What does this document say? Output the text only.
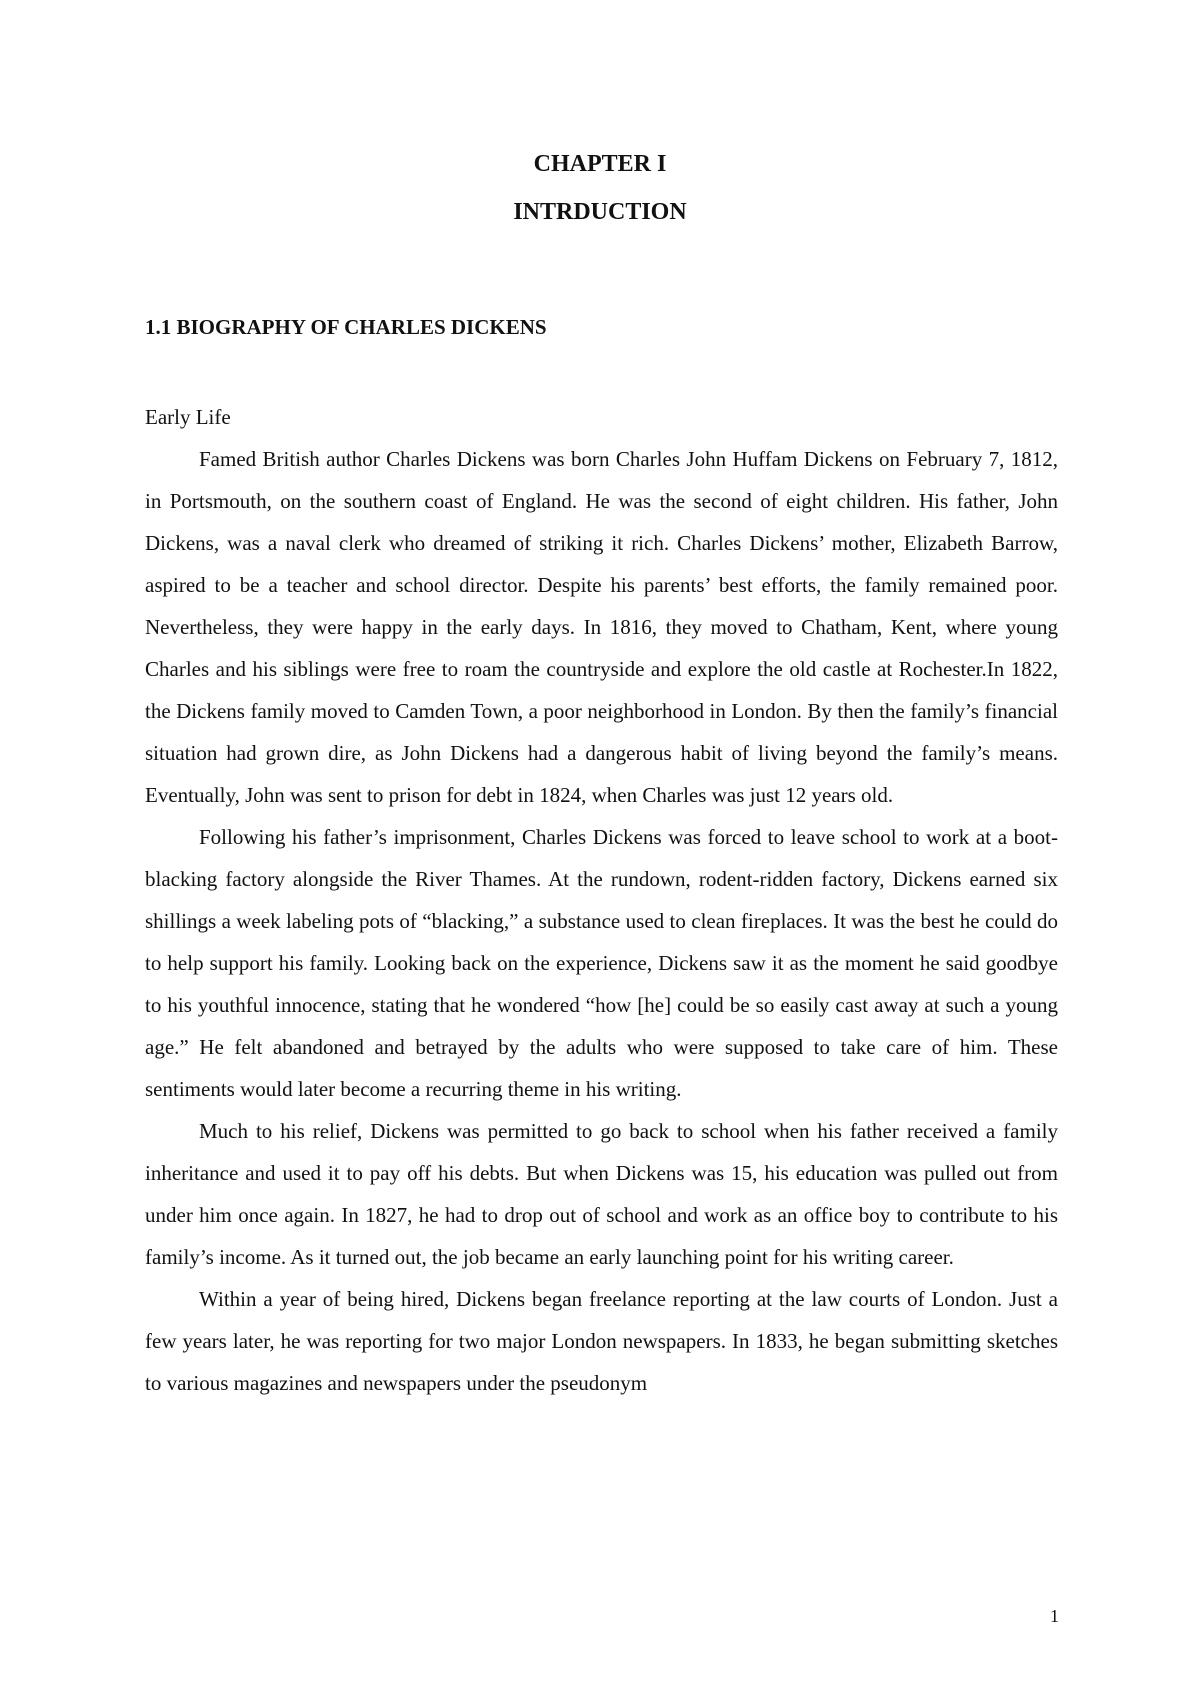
CHAPTER I
INTRDUCTION
1.1 BIOGRAPHY OF CHARLES DICKENS

Early Life

Famed British author Charles Dickens was born Charles John Huffam Dickens on February 7, 1812, in Portsmouth, on the southern coast of England. He was the second of eight children. His father, John Dickens, was a naval clerk who dreamed of striking it rich. Charles Dickens’ mother, Elizabeth Barrow, aspired to be a teacher and school director. Despite his parents’ best efforts, the family remained poor. Nevertheless, they were happy in the early days. In 1816, they moved to Chatham, Kent, where young Charles and his siblings were free to roam the countryside and explore the old castle at Rochester.In 1822, the Dickens family moved to Camden Town, a poor neighborhood in London. By then the family’s financial situation had grown dire, as John Dickens had a dangerous habit of living beyond the family’s means. Eventually, John was sent to prison for debt in 1824, when Charles was just 12 years old.

Following his father’s imprisonment, Charles Dickens was forced to leave school to work at a boot-blacking factory alongside the River Thames. At the rundown, rodent-ridden factory, Dickens earned six shillings a week labeling pots of “blacking,” a substance used to clean fireplaces. It was the best he could do to help support his family. Looking back on the experience, Dickens saw it as the moment he said goodbye to his youthful innocence, stating that he wondered “how [he] could be so easily cast away at such a young age.” He felt abandoned and betrayed by the adults who were supposed to take care of him. These sentiments would later become a recurring theme in his writing.

Much to his relief, Dickens was permitted to go back to school when his father received a family inheritance and used it to pay off his debts. But when Dickens was 15, his education was pulled out from under him once again. In 1827, he had to drop out of school and work as an office boy to contribute to his family’s income. As it turned out, the job became an early launching point for his writing career.

Within a year of being hired, Dickens began freelance reporting at the law courts of London. Just a few years later, he was reporting for two major London newspapers. In 1833, he began submitting sketches to various magazines and newspapers under the pseudonym

1
